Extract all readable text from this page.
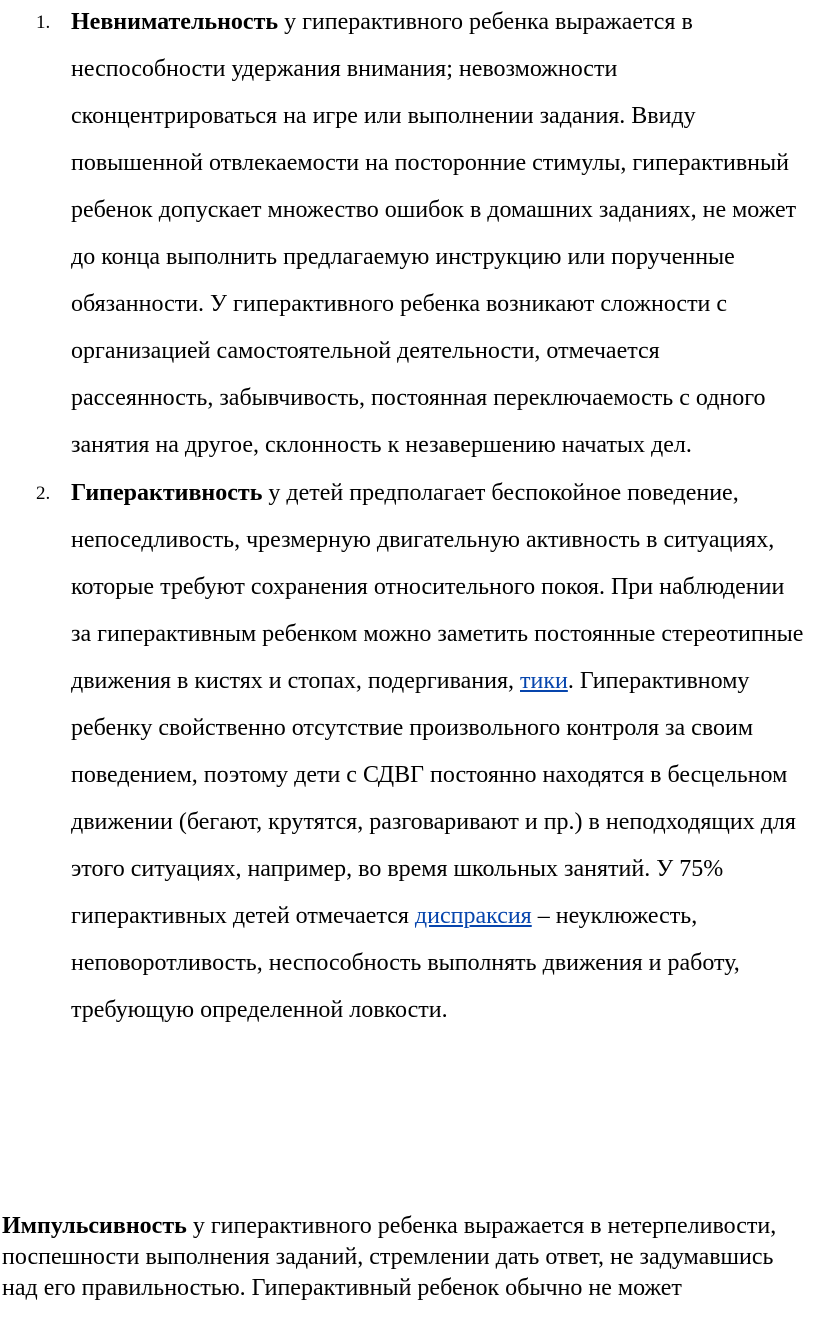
1. Невнимательность у гиперактивного ребенка выражается в неспособности удержания внимания; невозможности сконцентрироваться на игре или выполнении задания. Ввиду повышенной отвлекаемости на посторонние стимулы, гиперактивный ребенок допускает множество ошибок в домашних заданиях, не может до конца выполнить предлагаемую инструкцию или порученные обязанности. У гиперактивного ребенка возникают сложности с организацией самостоятельной деятельности, отмечается рассеянность, забывчивость, постоянная переключаемость с одного занятия на другое, склонность к незавершению начатых дел.
2. Гиперактивность у детей предполагает беспокойное поведение, непоседливость, чрезмерную двигательную активность в ситуациях, которые требуют сохранения относительного покоя. При наблюдении за гиперактивным ребенком можно заметить постоянные стереотипные движения в кистях и стопах, подергивания, тики. Гиперактивному ребенку свойственно отсутствие произвольного контроля за своим поведением, поэтому дети с СДВГ постоянно находятся в бесцельном движении (бегают, крутятся, разговаривают и пр.) в неподходящих для этого ситуациях, например, во время школьных занятий. У 75% гиперактивных детей отмечается диспраксия – неуклюжесть, неповоротливость, неспособность выполнять движения и работу, требующую определенной ловкости.

Импульсивность у гиперактивного ребенка выражается в нетерпеливости, поспешности выполнения заданий, стремлении дать ответ, не задумавшись над его правильностью. Гиперактивный ребенок обычно не может
